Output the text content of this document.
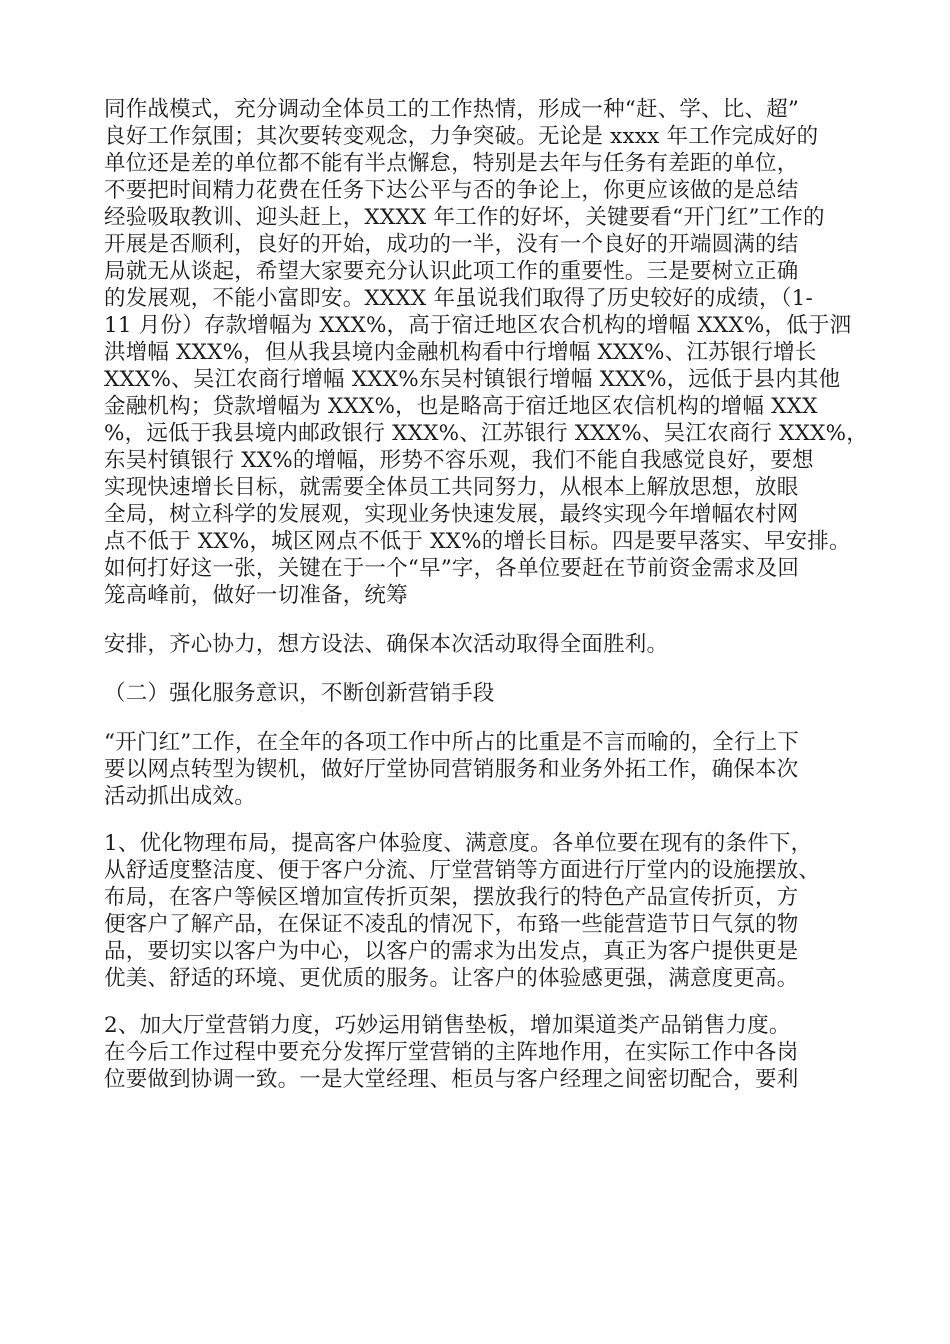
同作战模式，充分调动全体员工的工作热情，形成一种“赶、学、比、超”
良好工作氛围；其次要转变观念，力争突破。无论是 xxxx 年工作完成好的
单位还是差的单位都不能有半点懈怠，特别是去年与任务有差距的单位，
不要把时间精力花费在任务下达公平与否的争论上，你更应该做的是总结
经验吸取教训、迎头赶上，XXXX 年工作的好坏，关键要看“开门红”工作的
开展是否顺利，良好的开始，成功的一半，没有一个良好的开端圆满的结
局就无从谈起，希望大家要充分认识此项工作的重要性。三是要树立正确
的发展观，不能小富即安。XXXX 年虽说我们取得了历史较好的成绩，（1-
11 月份）存款增幅为 XXX%，高于宿迁地区农合机构的增幅 XXX%，低于泗
洪增幅 XXX%，但从我县境内金融机构看中行增幅 XXX%、江苏银行增长
XXX%、吴江农商行增幅 XXX%东吴村镇银行增幅 XXX%，远低于县内其他
金融机构；贷款增幅为 XXX%，也是略高于宿迁地区农信机构的增幅 XXX
%，远低于我县境内邮政银行 XXX%、江苏银行 XXX%、吴江农商行 XXX%，
东吴村镇银行 XX%的增幅，形势不容乐观，我们不能自我感觉良好，要想
实现快速增长目标，就需要全体员工共同努力，从根本上解放思想，放眼
全局，树立科学的发展观，实现业务快速发展，最终实现今年增幅农村网
点不低于 XX%，城区网点不低于 XX%的增长目标。四是要早落实、早安排。
如何打好这一张，关键在于一个“早”字，各单位要赶在节前资金需求及回
笼高峰前，做好一切准备，统筹
安排，齐心协力，想方设法、确保本次活动取得全面胜利。
（二）强化服务意识，不断创新营销手段
“开门红”工作，在全年的各项工作中所占的比重是不言而喻的，全行上下
要以网点转型为锲机，做好厅堂协同营销服务和业务外拓工作，确保本次
活动抓出成效。
1、优化物理布局，提高客户体验度、满意度。各单位要在现有的条件下，
从舒适度整洁度、便于客户分流、厅堂营销等方面进行厅堂内的设施摆放、
布局，在客户等候区增加宣传折页架，摆放我行的特色产品宣传折页，方
便客户了解产品，在保证不凌乱的情况下，布臵一些能营造节日气氛的物
品，要切实以客户为中心，以客户的需求为出发点，真正为客户提供更是
优美、舒适的环境、更优质的服务。让客户的体验感更强，满意度更高。
2、加大厅堂营销力度，巧妙运用销售垫板，增加渠道类产品销售力度。
在今后工作过程中要充分发挥厅堂营销的主阵地作用，在实际工作中各岗
位要做到协调一致。一是大堂经理、柜员与客户经理之间密切配合，要利
